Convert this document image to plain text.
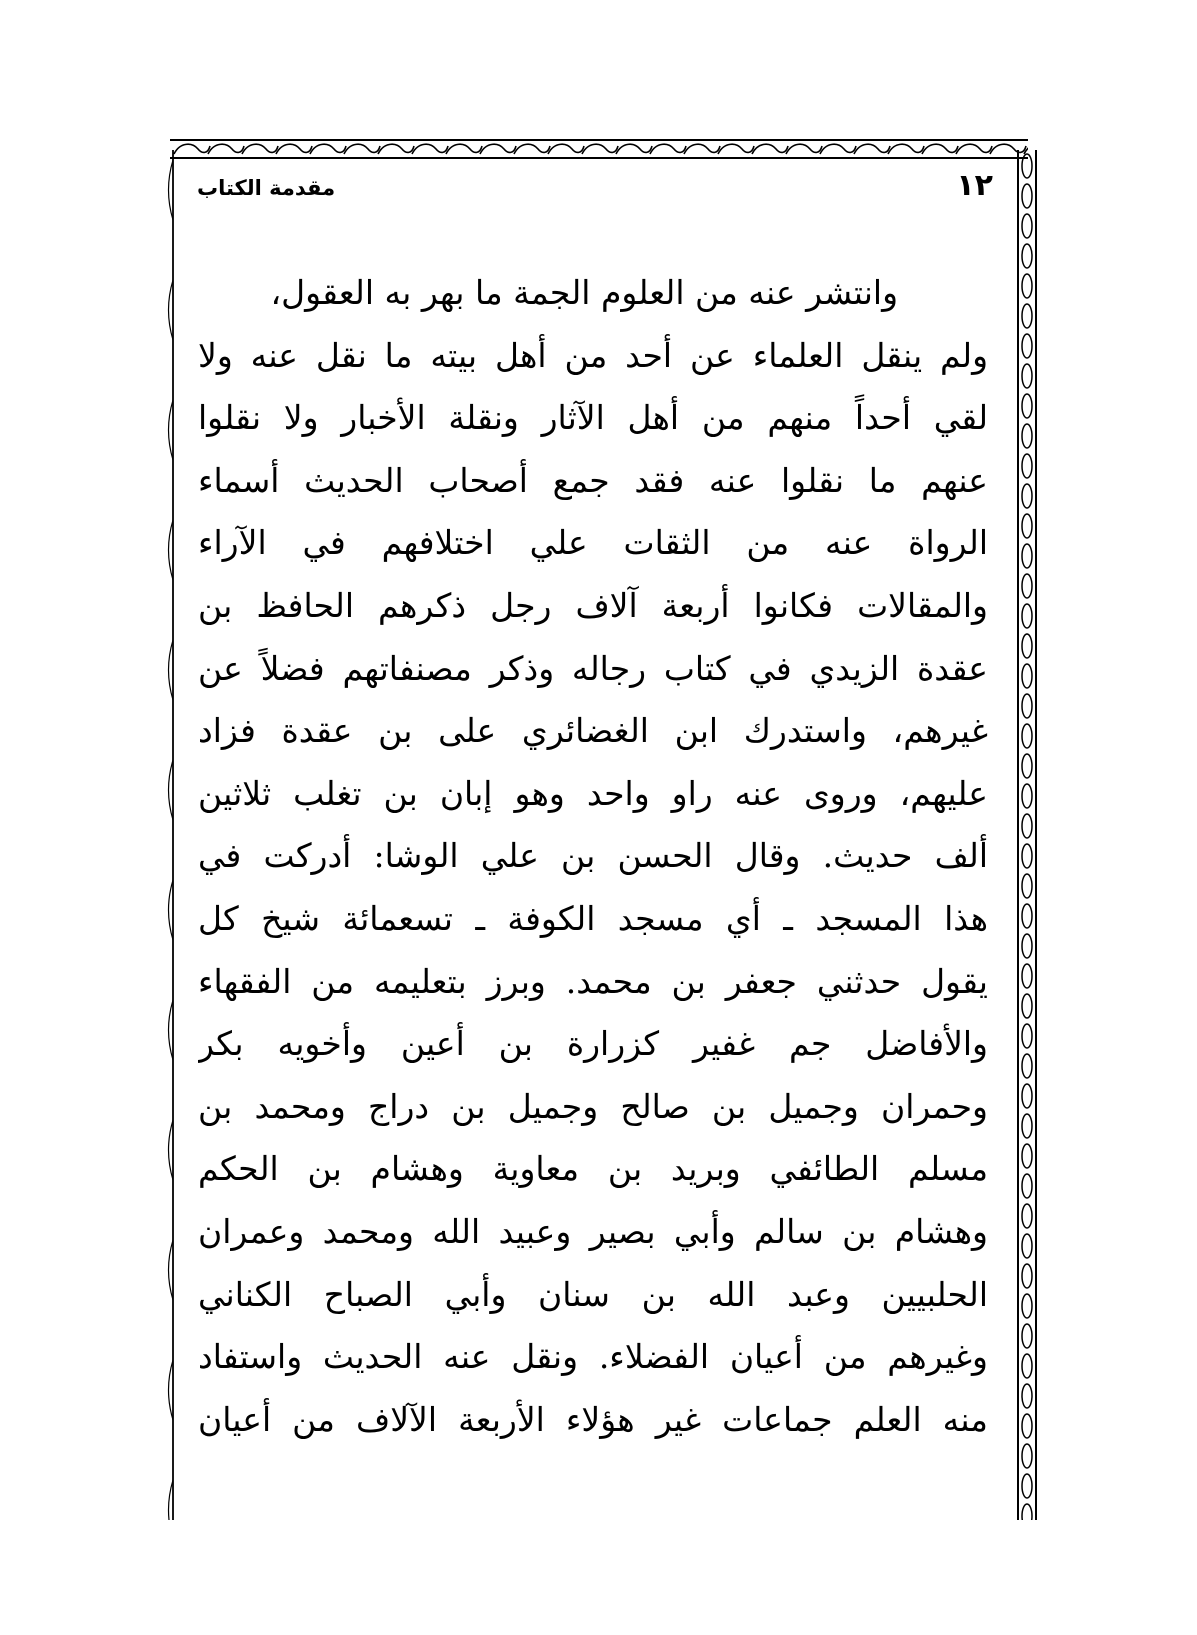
١٢
مقدمة الكتاب
وانتشر عنه من العلوم الجمة ما بهر به العقول،
ولم ينقل العلماء عن أحد من أهل بيته ما نقل عنه ولا
لقي أحداً منهم من أهل الآثار ونقلة الأخبار ولا نقلوا
عنهم ما نقلوا عنه فقد جمع أصحاب الحديث أسماء
الرواة عنه من الثقات علي اختلافهم في الآراء
والمقالات فكانوا أربعة آلاف رجل ذكرهم الحافظ بن
عقدة الزيدي في كتاب رجاله وذكر مصنفاتهم فضلاً عن
غيرهم، واستدرك ابن الغضائري على بن عقدة فزاد
عليهم، وروى عنه راو واحد وهو إبان بن تغلب ثلاثين
ألف حديث. وقال الحسن بن علي الوشا: أدركت في
هذا المسجد ـ أي مسجد الكوفة ـ تسعمائة شيخ كل
يقول حدثني جعفر بن محمد. وبرز بتعليمه من الفقهاء
والأفاضل جم غفير كزرارة بن أعين وأخويه بكر
وحمران وجميل بن صالح وجميل بن دراج ومحمد بن
مسلم الطائفي وبريد بن معاوية وهشام بن الحكم
وهشام بن سالم وأبي بصير وعبيد الله ومحمد وعمران
الحلبيين وعبد الله بن سنان وأبي الصباح الكناني
وغيرهم من أعيان الفضلاء. ونقل عنه الحديث واستفاد
منه العلم جماعات غير هؤلاء الأربعة الآلاف من أعيان
